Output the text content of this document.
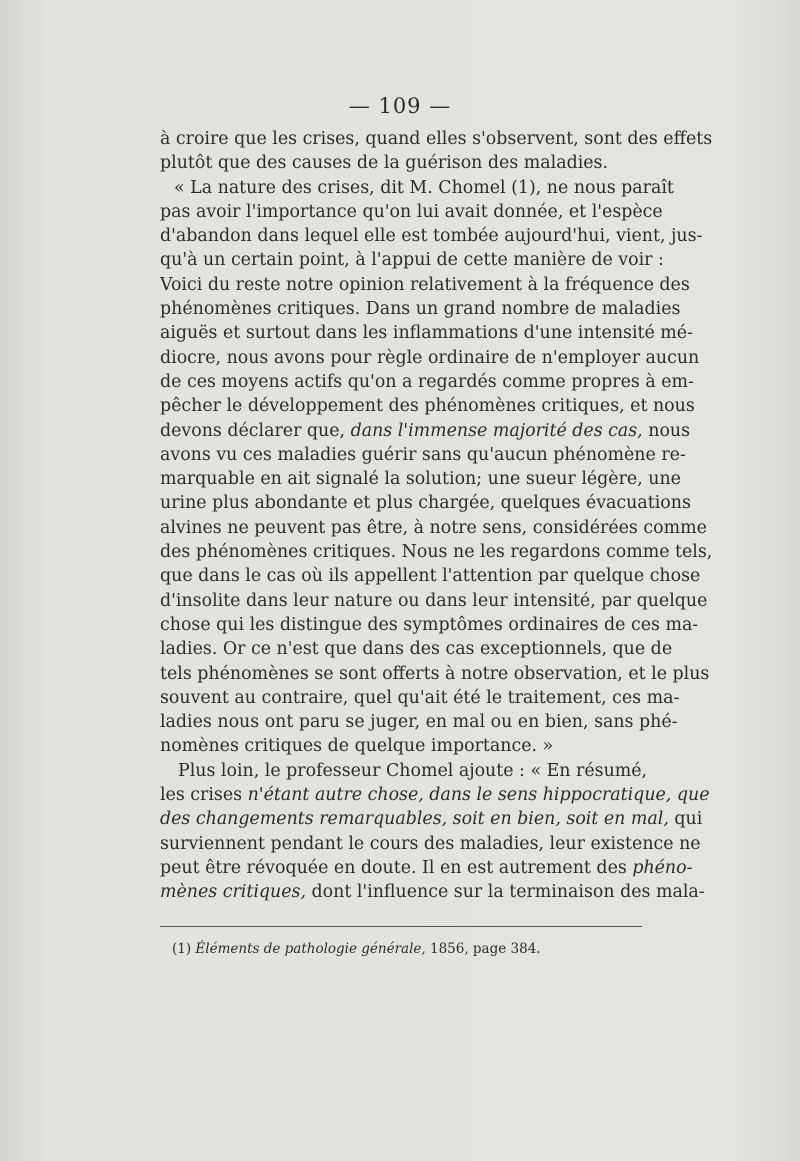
— 109 —
à croire que les crises, quand elles s'observent, sont des effets
plutôt que des causes de la guérison des maladies.
« La nature des crises, dit M. Chomel (1), ne nous paraît
pas avoir l'importance qu'on lui avait donnée, et l'espèce
d'abandon dans lequel elle est tombée aujourd'hui, vient, jus-
qu'à un certain point, à l'appui de cette manière de voir :
Voici du reste notre opinion relativement à la fréquence des
phénomènes critiques. Dans un grand nombre de maladies
aiguës et surtout dans les inflammations d'une intensité mé-
diocre, nous avons pour règle ordinaire de n'employer aucun
de ces moyens actifs qu'on a regardés comme propres à em-
pêcher le développement des phénomènes critiques, et nous
devons déclarer que, dans l'immense majorité des cas, nous
avons vu ces maladies guérir sans qu'aucun phénomène re-
marquable en ait signalé la solution; une sueur légère, une
urine plus abondante et plus chargée, quelques évacuations
alvines ne peuvent pas être, à notre sens, considérées comme
des phénomènes critiques. Nous ne les regardons comme tels,
que dans le cas où ils appellent l'attention par quelque chose
d'insolite dans leur nature ou dans leur intensité, par quelque
chose qui les distingue des symptômes ordinaires de ces ma-
ladies. Or ce n'est que dans des cas exceptionnels, que de
tels phénomènes se sont offerts à notre observation, et le plus
souvent au contraire, quel qu'ait été le traitement, ces ma-
ladies nous ont paru se juger, en mal ou en bien, sans phé-
nomènes critiques de quelque importance. »
Plus loin, le professeur Chomel ajoute : « En résumé,
les crises n'étant autre chose, dans le sens hippocratique, que
des changements remarquables, soit en bien, soit en mal, qui
surviennent pendant le cours des maladies, leur existence ne
peut être révoquée en doute. Il en est autrement des phéno-
mènes critiques, dont l'influence sur la terminaison des mala-
(1) Éléments de pathologie générale, 1856, page 384.
